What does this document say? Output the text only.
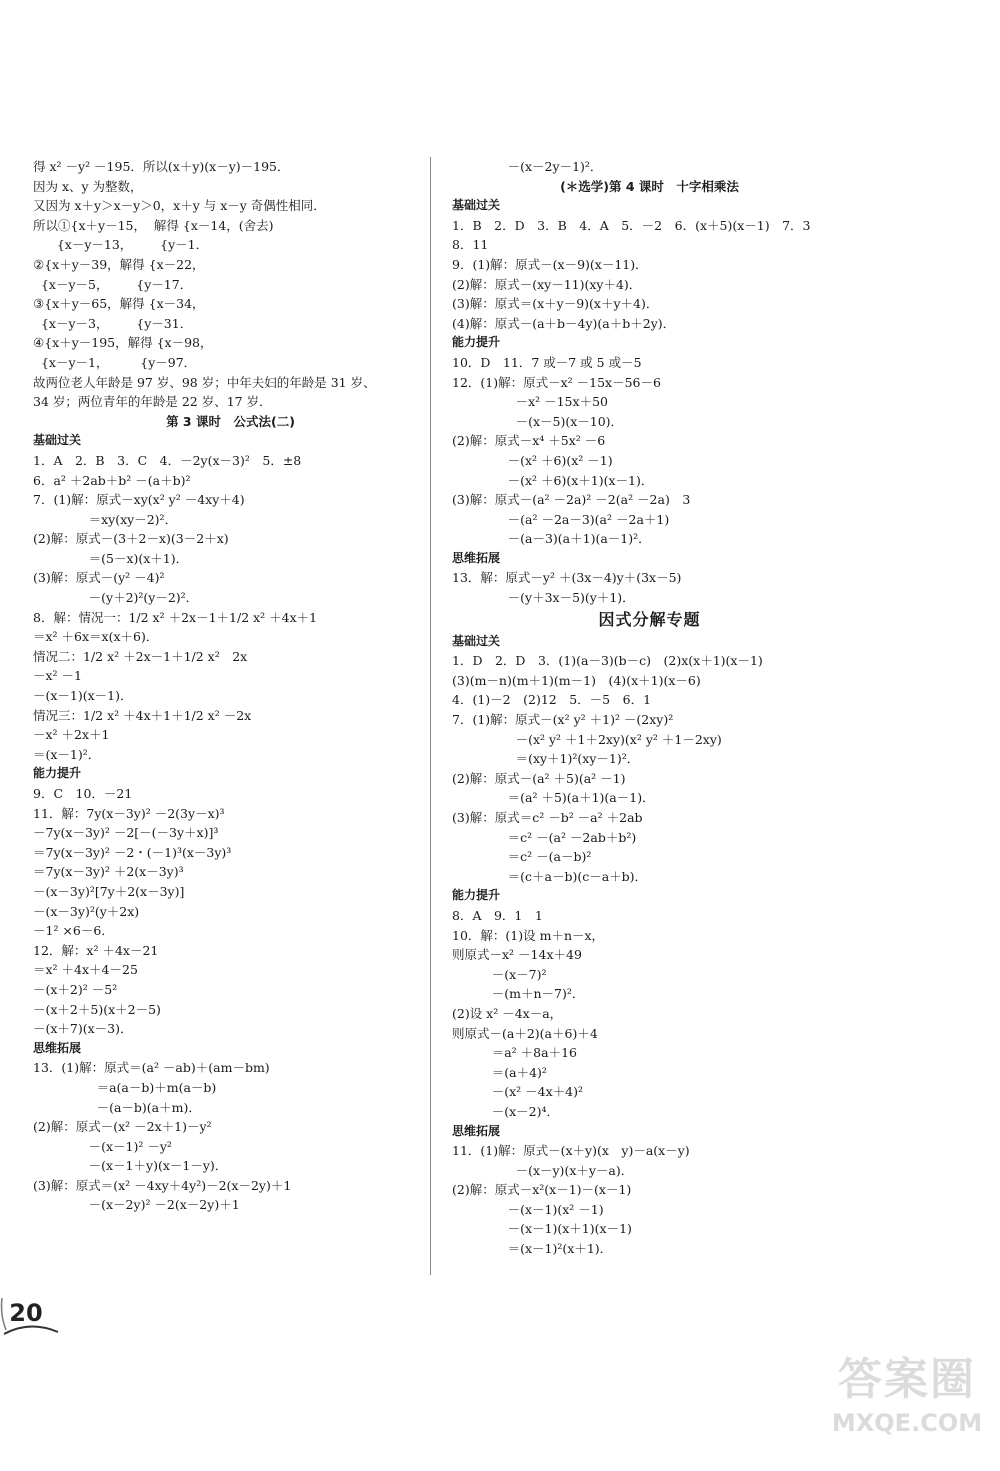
得 x² －y² －195．所以(x＋y)(x－y)－195．
因为 x、y 为整数，
又因为 x＋y＞x－y＞0，x＋y 与 x－y 奇偶性相同．
所以①{x＋y－15，  解得 {x－14，(舍去)
{x－y－13，       {y－1．
②{x＋y－39，解得 {x－22，
{x－y－5，       {y－17．
③{x＋y－65，解得 {x－34，
{x－y－3，       {y－31．
④{x＋y－195，解得 {x－98，
{x－y－1，        {y－97．
故两位老人年龄是 97 岁、98 岁；中年夫妇的年龄是 31 岁、
34 岁；两位青年的年龄是 22 岁、17 岁．
第 3 课时　公式法(二)
基础过关
1．A　2．B　3．C　4．－2y(x－3)²　5．±8
6．a² ＋2ab＋b² －(a＋b)²
7．(1)解：原式－xy(x² y² －4xy＋4)
＝xy(xy－2)²．
(2)解：原式－(3＋2－x)(3－2＋x)
＝(5－x)(x＋1)．
(3)解：原式－(y² －4)²
－(y＋2)²(y－2)²．
8．解：情况一：1/2 x² ＋2x－1＋1/2 x² ＋4x＋1
＝x² ＋6x＝x(x＋6)．
情况二：1/2 x² ＋2x－1＋1/2 x²　2x
－x² －1
－(x－1)(x－1)．
情况三：1/2 x² ＋4x＋1＋1/2 x² －2x
－x² ＋2x＋1
＝(x－1)²．
能力提升
9．C　10．－21
11．解：7y(x－3y)² －2(3y－x)³
－7y(x－3y)² －2[－(－3y＋x)]³
＝7y(x－3y)² －2・(－1)³(x－3y)³
＝7y(x－3y)² ＋2(x－3y)³
－(x－3y)²[7y＋2(x－3y)]
－(x－3y)²(y＋2x)
－1² ×6－6．
12．解：x² ＋4x－21
＝x² ＋4x＋4－25
－(x＋2)² －5²
－(x＋2＋5)(x＋2－5)
－(x＋7)(x－3)．
思维拓展
13．(1)解：原式＝(a² －ab)＋(am－bm)
＝a(a－b)＋m(a－b)
－(a－b)(a＋m)．
(2)解：原式－(x² －2x＋1)－y²
－(x－1)² －y²
－(x－1＋y)(x－1－y)．
(3)解：原式＝(x² －4xy＋4y²)－2(x－2y)＋1
－(x－2y)² －2(x－2y)＋1
－(x－2y－1)²．
(＊选学)第 4 课时　十字相乘法
基础过关
1．B　2．D　3．B　4．A　5．－2　6．(x＋5)(x－1)　7．3
8．11
9．(1)解：原式－(x－9)(x－11)．
(2)解：原式－(xy－11)(xy＋4)．
(3)解：原式＝(x＋y－9)(x＋y＋4)．
(4)解：原式－(a＋b－4y)(a＋b＋2y)．
能力提升
10．D　11．7 或－7 或 5 或－5
12．(1)解：原式－x² －15x－56－6
－x² －15x＋50
－(x－5)(x－10)．
(2)解：原式－x⁴ ＋5x² －6
－(x² ＋6)(x² －1)
－(x² ＋6)(x＋1)(x－1)．
(3)解：原式－(a² －2a)² －2(a² －2a)　3
－(a² －2a－3)(a² －2a＋1)
－(a－3)(a＋1)(a－1)²．
思维拓展
13．解：原式－y² ＋(3x－4)y＋(3x－5)
－(y＋3x－5)(y＋1)．
因式分解专题
基础过关
1．D　2．D　3．(1)(a－3)(b－c)　(2)x(x＋1)(x－1)
(3)(m－n)(m＋1)(m－1)　(4)(x＋1)(x－6)
4．(1)－2　(2)12　5．－5　6．1
7．(1)解：原式－(x² y² ＋1)² －(2xy)²
－(x² y² ＋1＋2xy)(x² y² ＋1－2xy)
＝(xy＋1)²(xy－1)²．
(2)解：原式－(a² ＋5)(a² －1)
＝(a² ＋5)(a＋1)(a－1)．
(3)解：原式＝c² －b² －a² ＋2ab
＝c² －(a² －2ab＋b²)
＝c² －(a－b)²
＝(c＋a－b)(c－a＋b)．
能力提升
8．A　9．1　1
10．解：(1)设 m＋n－x，
则原式－x² －14x＋49
－(x－7)²
－(m＋n－7)²．
(2)设 x² －4x－a，
则原式－(a＋2)(a＋6)＋4
＝a² ＋8a＋16
＝(a＋4)²
－(x² －4x＋4)²
－(x－2)⁴．
思维拓展
11．(1)解：原式－(x＋y)(x　y)－a(x－y)
－(x－y)(x＋y－a)．
(2)解：原式－x²(x－1)－(x－1)
－(x－1)(x² －1)
－(x－1)(x＋1)(x－1)
＝(x－1)²(x＋1)．
20
答案圈
MXQE.COM
